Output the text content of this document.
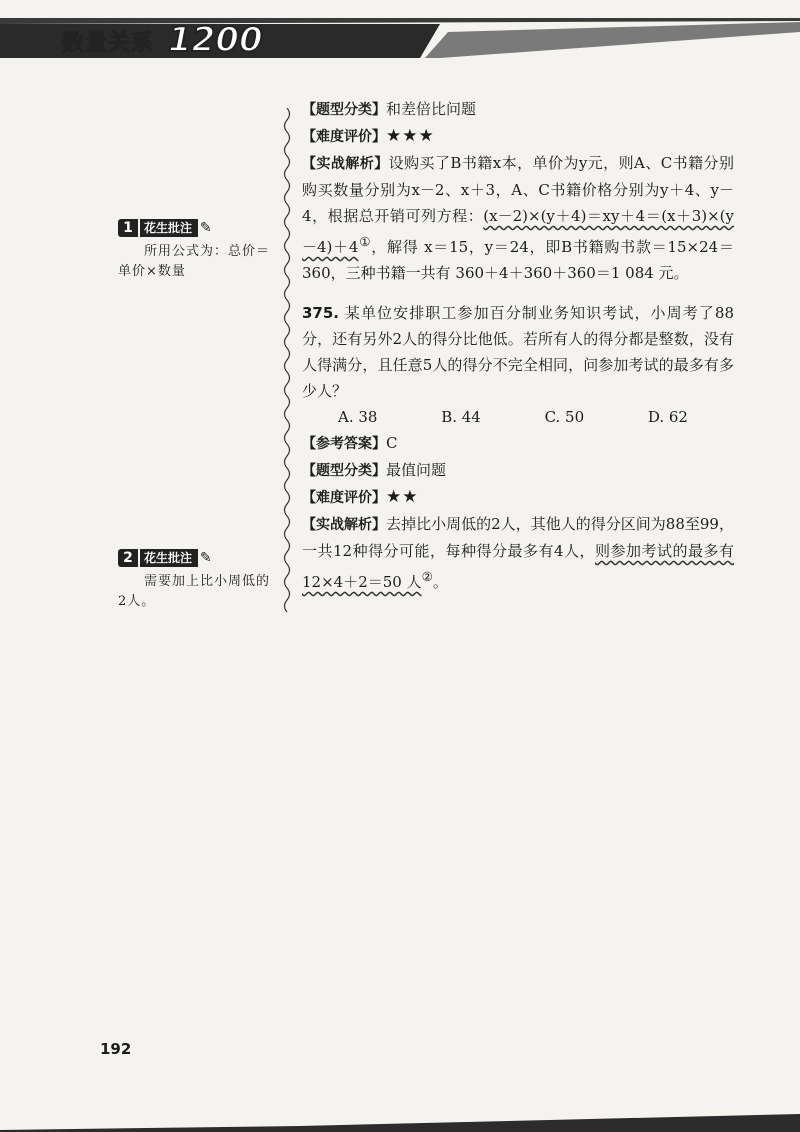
数量关系 1200
1 花生批注 ✎
所用公式为：总价＝单价×数量
2 花生批注 ✎
需要加上比小周低的2人。

【题型分类】和差倍比问题

【难度评价】★★★

【实战解析】设购买了B书籍x本，单价为y元，则A、C书籍分别购买数量分别为x－2、x＋3，A、C书籍价格分别为y＋4、y－4，根据总开销可列方程：(x－2)×(y＋4)＝xy＋4＝(x＋3)×(y－4)＋4①，解得 x＝15，y＝24，即B书籍购书款＝15×24＝360，三种书籍一共有 360＋4＋360＋360＝1 084 元。

375. 某单位安排职工参加百分制业务知识考试，小周考了88分，还有另外2人的得分比他低。若所有人的得分都是整数，没有人得满分，且任意5人的得分不完全相同，问参加考试的最多有多少人？

A. 38	B. 44	C. 50	D. 62

【参考答案】C

【题型分类】最值问题

【难度评价】★★

【实战解析】去掉比小周低的2人，其他人的得分区间为88至99，一共12种得分可能，每种得分最多有4人，则参加考试的最多有 12×4＋2＝50 人②。

192
